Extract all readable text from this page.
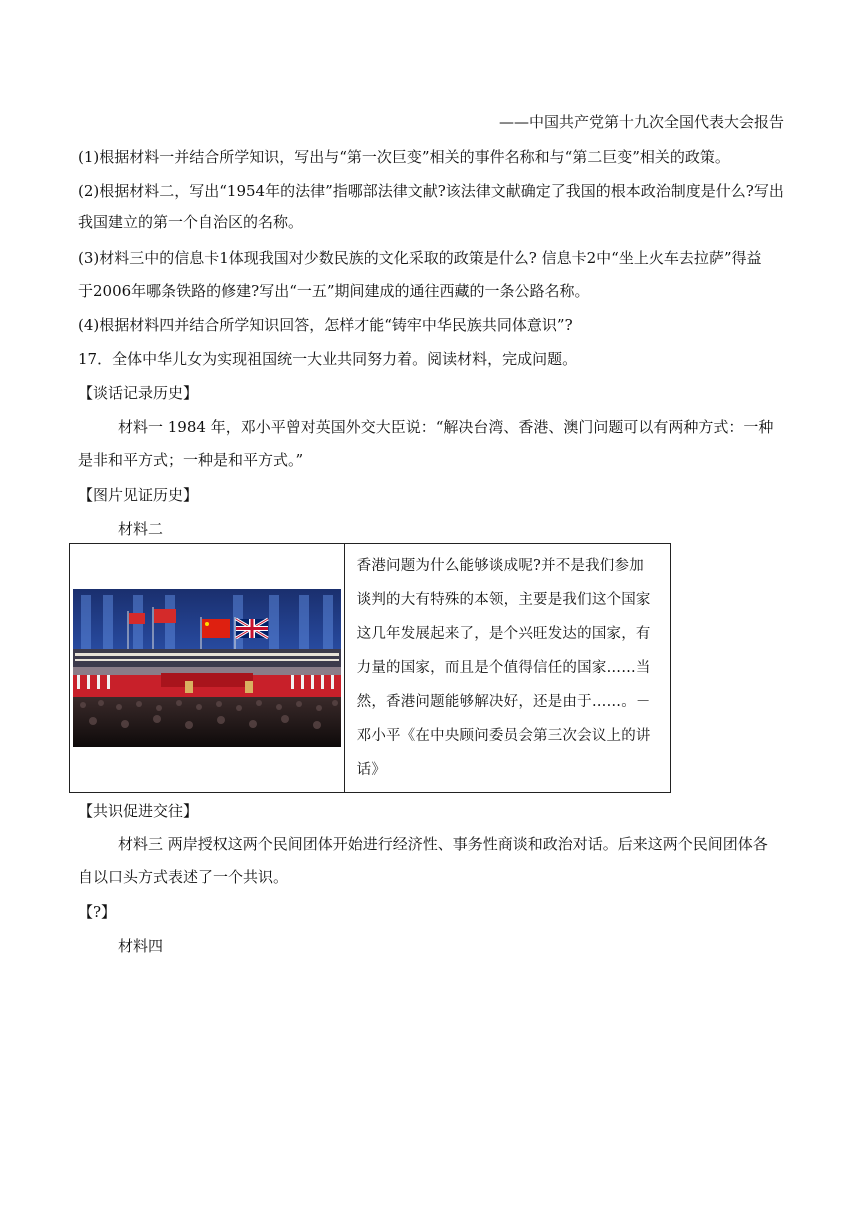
——中国共产党第十九次全国代表大会报告
(1)根据材料一并结合所学知识，写出与“第一次巨变”相关的事件名称和与“第二巨变”相关的政策。
(2)根据材料二，写出“1954年的法律”指哪部法律文献?该法律文献确定了我国的根本政治制度是什么?写出
我国建立的第一个自治区的名称。
(3)材料三中的信息卡1体现我国对少数民族的文化采取的政策是什么? 信息卡2中“坐上火车去拉萨”得益
于2006年哪条铁路的修建?写出“一五”期间建成的通往西藏的一条公路名称。
(4)根据材料四并结合所学知识回答，怎样才能“铸牢中华民族共同体意识”?
17．全体中华儿女为实现祖国统一大业共同努力着。阅读材料，完成问题。
【谈话记录历史】
材料一 1984 年，邓小平曾对英国外交大臣说：“解决台湾、香港、澳门问题可以有两种方式：一种
是非和平方式；一种是和平方式。”
【图片见证历史】
材料二

香港问题为什么能够谈成呢?并不是我们参加
谈判的大有特殊的本领，主要是我们这个国家
这几年发展起来了，是个兴旺发达的国家，有
力量的国家，而且是个值得信任的国家……当
然，香港问题能够解决好，还是由于……。－
邓小平《在中央顾问委员会第三次会议上的讲
话》
【共识促进交往】
材料三 两岸授权这两个民间团体开始进行经济性、事务性商谈和政治对话。后来这两个民间团体各
自以口头方式表述了一个共识。
【?】
材料四
